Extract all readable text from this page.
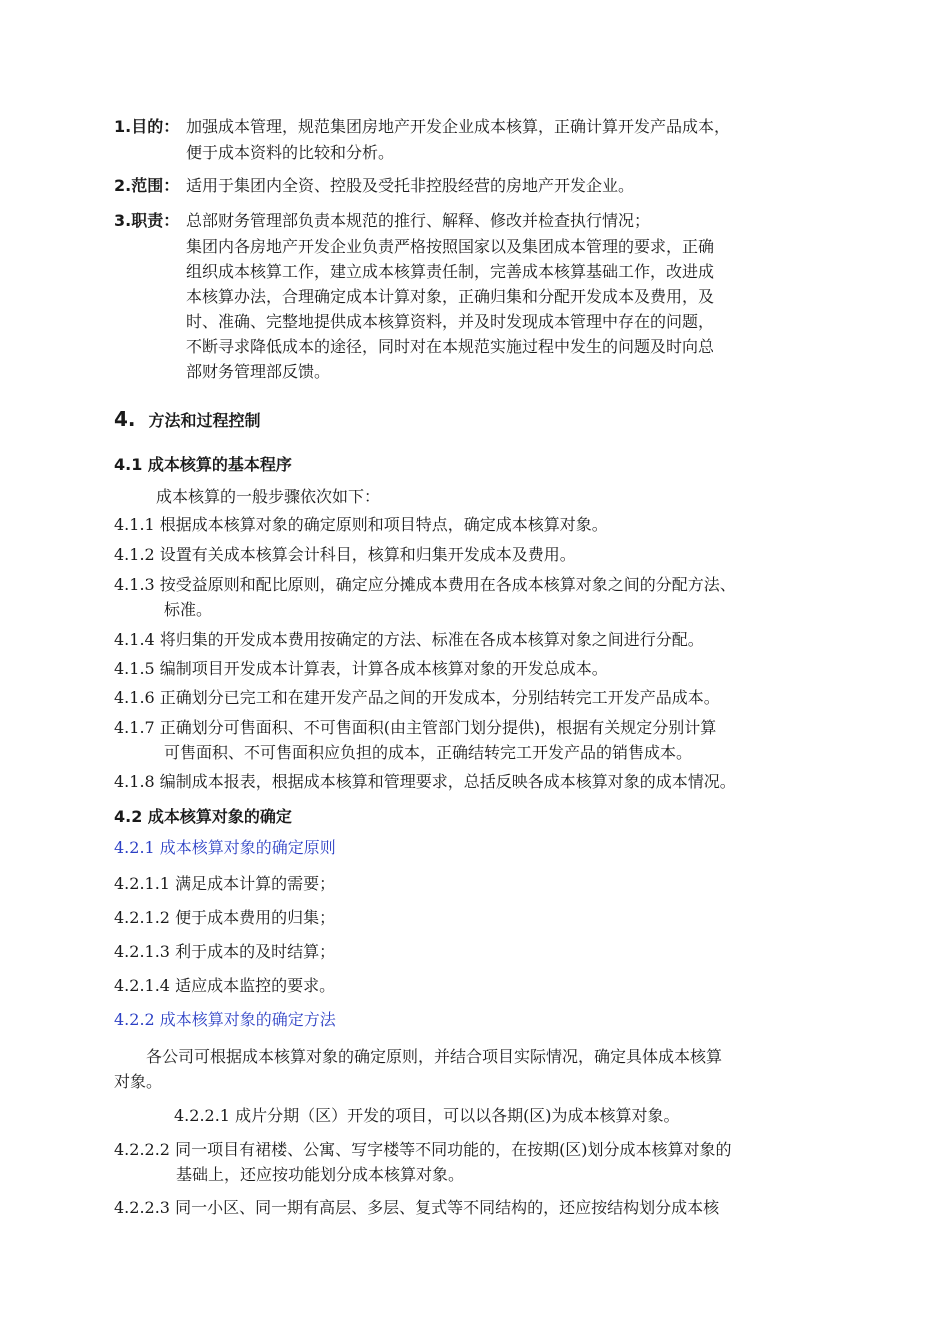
1.目的： 加强成本管理，规范集团房地产开发企业成本核算，正确计算开发产品成本，
便于成本资料的比较和分析。
2.范围： 适用于集团内全资、控股及受托非控股经营的房地产开发企业。
3.职责： 总部财务管理部负责本规范的推行、解释、修改并检查执行情况；
集团内各房地产开发企业负责严格按照国家以及集团成本管理的要求，正确
组织成本核算工作，建立成本核算责任制，完善成本核算基础工作，改进成
本核算办法，合理确定成本计算对象，正确归集和分配开发成本及费用，及
时、准确、完整地提供成本核算资料，并及时发现成本管理中存在的问题，
不断寻求降低成本的途径，同时对在本规范实施过程中发生的问题及时向总
部财务管理部反馈。
4. 方法和过程控制
4.1 成本核算的基本程序
成本核算的一般步骤依次如下：
4.1.1 根据成本核算对象的确定原则和项目特点，确定成本核算对象。
4.1.2 设置有关成本核算会计科目，核算和归集开发成本及费用。
4.1.3 按受益原则和配比原则，确定应分摊成本费用在各成本核算对象之间的分配方法、
标准。
4.1.4 将归集的开发成本费用按确定的方法、标准在各成本核算对象之间进行分配。
4.1.5 编制项目开发成本计算表，计算各成本核算对象的开发总成本。
4.1.6 正确划分已完工和在建开发产品之间的开发成本，分别结转完工开发产品成本。
4.1.7 正确划分可售面积、不可售面积(由主管部门划分提供)，根据有关规定分别计算
可售面积、不可售面积应负担的成本，正确结转完工开发产品的销售成本。
4.1.8 编制成本报表，根据成本核算和管理要求，总括反映各成本核算对象的成本情况。
4.2 成本核算对象的确定
4.2.1 成本核算对象的确定原则
4.2.1.1 满足成本计算的需要；
4.2.1.2 便于成本费用的归集；
4.2.1.3 利于成本的及时结算；
4.2.1.4 适应成本监控的要求。
4.2.2 成本核算对象的确定方法
各公司可根据成本核算对象的确定原则，并结合项目实际情况，确定具体成本核算
对象。
4.2.2.1 成片分期（区）开发的项目，可以以各期(区)为成本核算对象。
4.2.2.2 同一项目有裙楼、公寓、写字楼等不同功能的，在按期(区)划分成本核算对象的
基础上，还应按功能划分成本核算对象。
4.2.2.3 同一小区、同一期有高层、多层、复式等不同结构的，还应按结构划分成本核
